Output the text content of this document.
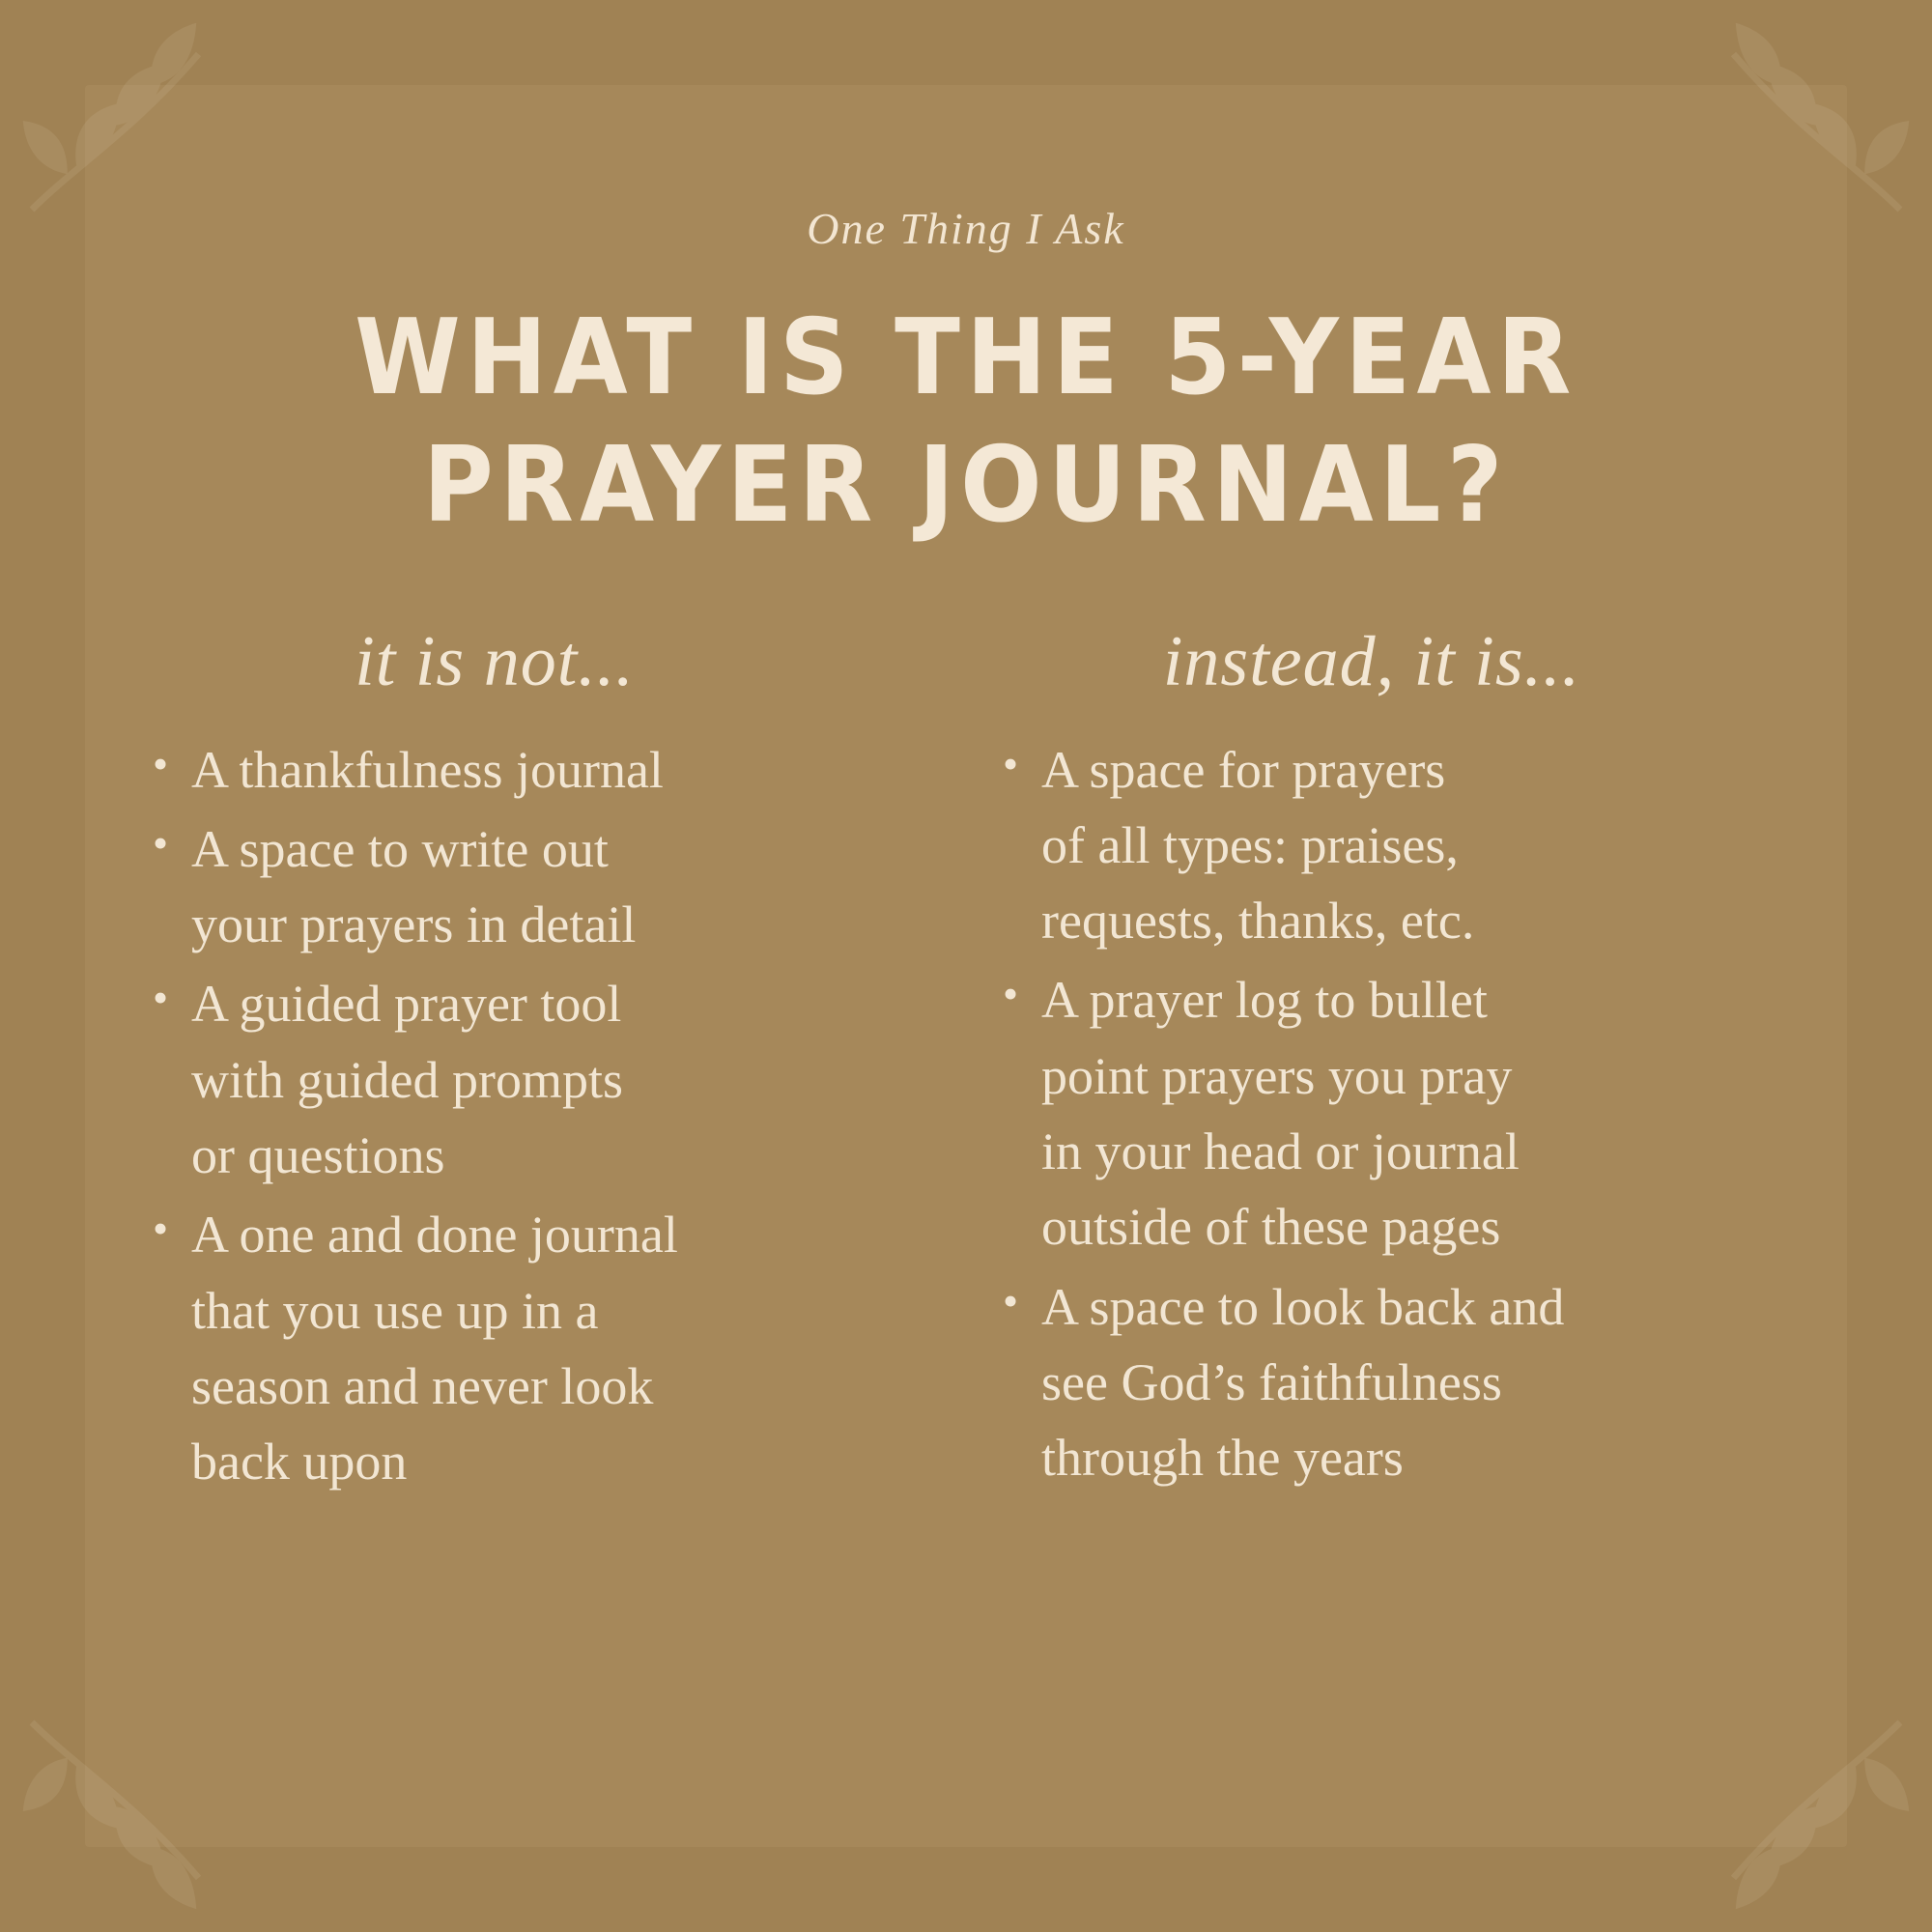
One Thing I Ask
WHAT IS THE 5-YEAR
PRAYER JOURNAL?
it is not...
• A thankfulness journal
• A space to write out
your prayers in detail
• A guided prayer tool
with guided prompts
or questions
• A one and done journal
that you use up in a
season and never look
back upon
instead, it is...
• A space for prayers
of all types: praises,
requests, thanks, etc.
• A prayer log to bullet
point prayers you pray
in your head or journal
outside of these pages
• A space to look back and
see God’s faithfulness
through the years
